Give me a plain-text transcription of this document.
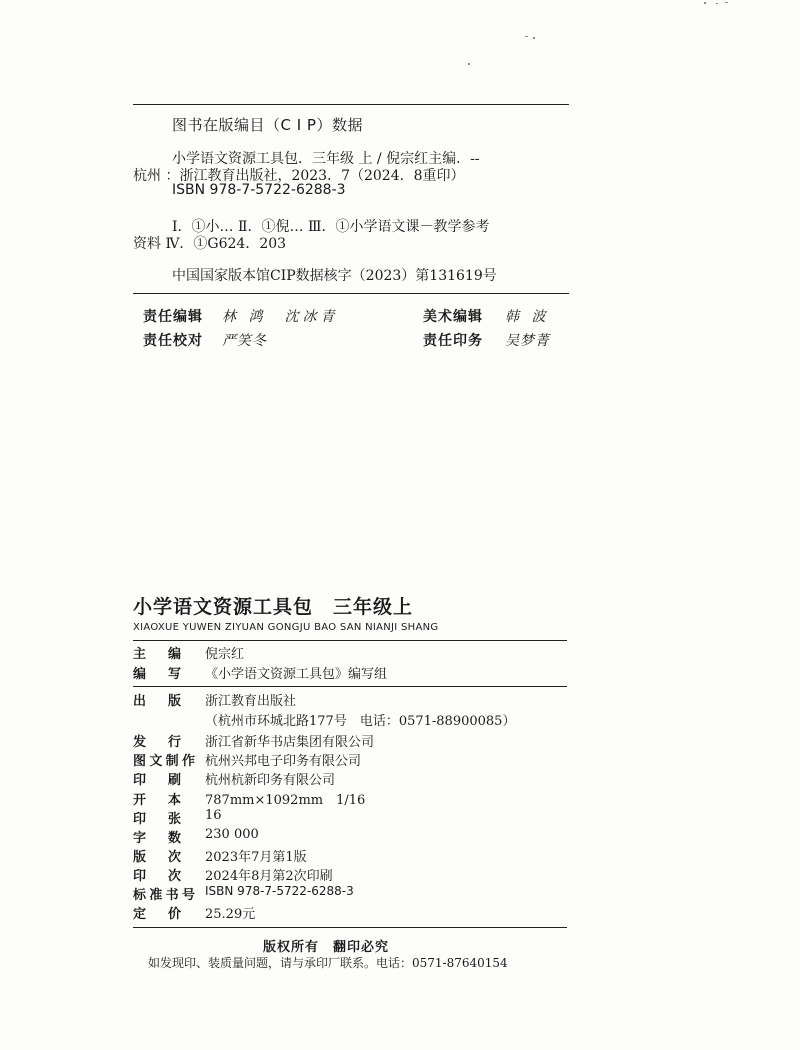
图书在版编目（C I P）数据
小学语文资源工具包．三年级 上 / 倪宗红主编．--
杭州 ：浙江教育出版社，2023．7（2024．8重印）
ISBN 978-7-5722-6288-3
Ⅰ．①小… Ⅱ．①倪… Ⅲ．①小学语文课－教学参考
资料 Ⅳ．①G624．203
中国国家版本馆CIP数据核字（2023）第131619号
责任编辑 林 鸿　沈冰青	美术编辑 韩 波
责任校对 严笑冬	责任印务 吴梦菁
小学语文资源工具包　三年级上
XIAOXUE YUWEN ZIYUAN GONGJU BAO SAN NIANJI SHANG
主　编 倪宗红
编　写 《小学语文资源工具包》编写组
出　版 浙江教育出版社
（杭州市环城北路177号　电话：0571-88900085）
发　行 浙江省新华书店集团有限公司
图文制作 杭州兴邦电子印务有限公司
印　刷 杭州杭新印务有限公司
开　本 787mm×1092mm　1/16
印　张 16
字　数 230 000
版　次 2023年7月第1版
印　次 2024年8月第2次印刷
标准书号 ISBN 978-7-5722-6288-3
定　价 25.29元
版权所有　翻印必究
如发现印、装质量问题，请与承印厂联系。电话：0571-87640154
